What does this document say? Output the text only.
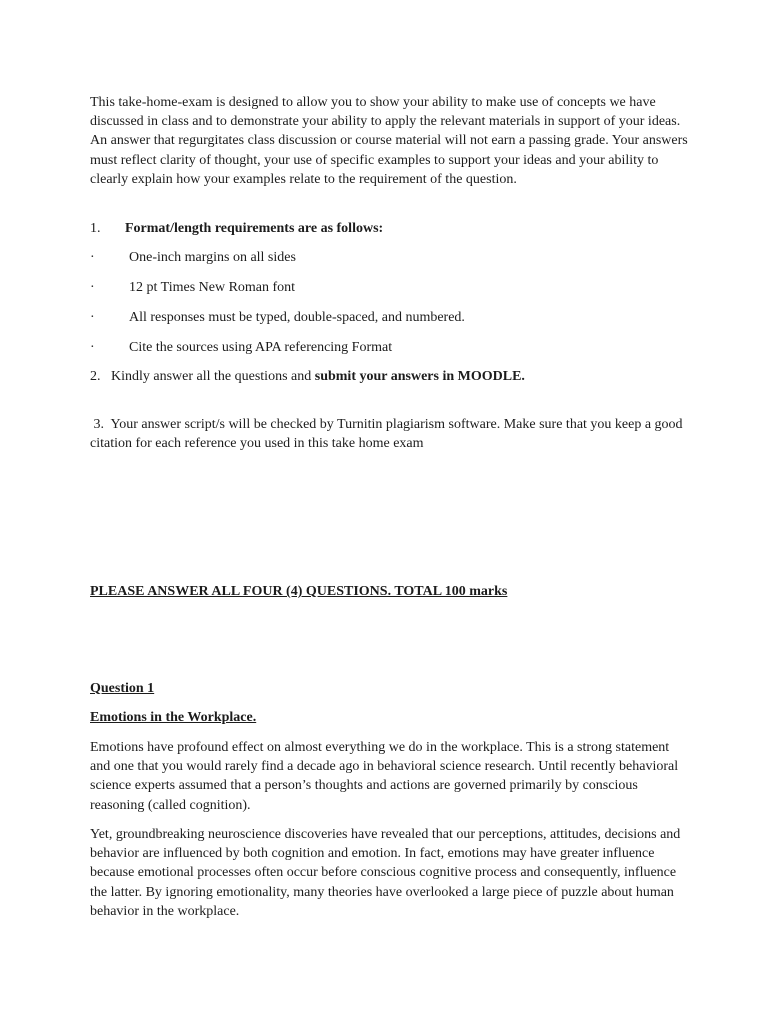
This take-home-exam is designed to allow you to show your ability to make use of concepts we have discussed in class and to demonstrate your ability to apply the relevant materials in support of your ideas. An answer that regurgitates class discussion or course material will not earn a passing grade. Your answers must reflect clarity of thought, your use of specific examples to support your ideas and your ability to clearly explain how your examples relate to the requirement of the question.

1. Format/length requirements are as follows:
· One-inch margins on all sides
· 12 pt Times New Roman font
· All responses must be typed, double-spaced, and numbered.
· Cite the sources using APA referencing Format
2. Kindly answer all the questions and submit your answers in MOODLE.

3.  Your answer script/s will be checked by Turnitin plagiarism software. Make sure that you keep a good citation for each reference you used in this take home exam

PLEASE ANSWER ALL FOUR (4) QUESTIONS. TOTAL 100 marks
Question 1
Emotions in the Workplace.

Emotions have profound effect on almost everything we do in the workplace. This is a strong statement and one that you would rarely find a decade ago in behavioral science research. Until recently behavioral science experts assumed that a person’s thoughts and actions are governed primarily by conscious reasoning (called cognition).

Yet, groundbreaking neuroscience discoveries have revealed that our perceptions, attitudes, decisions and behavior are influenced by both cognition and emotion. In fact, emotions may have greater influence because emotional processes often occur before conscious cognitive process and consequently, influence the latter. By ignoring emotionality, many theories have overlooked a large piece of puzzle about human behavior in the workplace.
